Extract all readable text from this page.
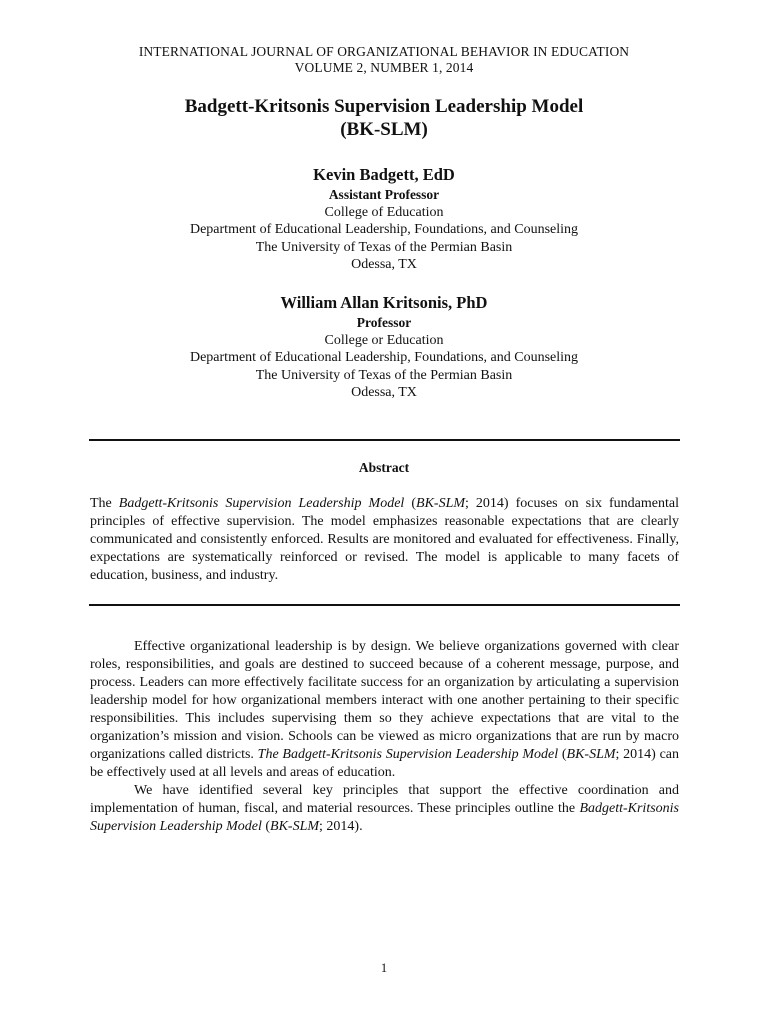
INTERNATIONAL JOURNAL OF ORGANIZATIONAL BEHAVIOR IN EDUCATION
VOLUME 2, NUMBER 1, 2014
Badgett-Kritsonis Supervision Leadership Model
(BK-SLM)
Kevin Badgett, EdD
Assistant Professor
College of Education
Department of Educational Leadership, Foundations, and Counseling
The University of Texas of the Permian Basin
Odessa, TX
William Allan Kritsonis, PhD
Professor
College or Education
Department of Educational Leadership, Foundations, and Counseling
The University of Texas of the Permian Basin
Odessa, TX
Abstract
The Badgett-Kritsonis Supervision Leadership Model (BK-SLM; 2014) focuses on six fundamental principles of effective supervision. The model emphasizes reasonable expectations that are clearly communicated and consistently enforced. Results are monitored and evaluated for effectiveness. Finally, expectations are systematically reinforced or revised. The model is applicable to many facets of education, business, and industry.

Effective organizational leadership is by design. We believe organizations governed with clear roles, responsibilities, and goals are destined to succeed because of a coherent message, purpose, and process. Leaders can more effectively facilitate success for an organization by articulating a supervision leadership model for how organizational members interact with one another pertaining to their specific responsibilities. This includes supervising them so they achieve expectations that are vital to the organization’s mission and vision. Schools can be viewed as micro organizations that are run by macro organizations called districts. The Badgett-Kritsonis Supervision Leadership Model (BK-SLM; 2014) can be effectively used at all levels and areas of education.

We have identified several key principles that support the effective coordination and implementation of human, fiscal, and material resources. These principles outline the Badgett-Kritsonis Supervision Leadership Model (BK-SLM; 2014).

1
